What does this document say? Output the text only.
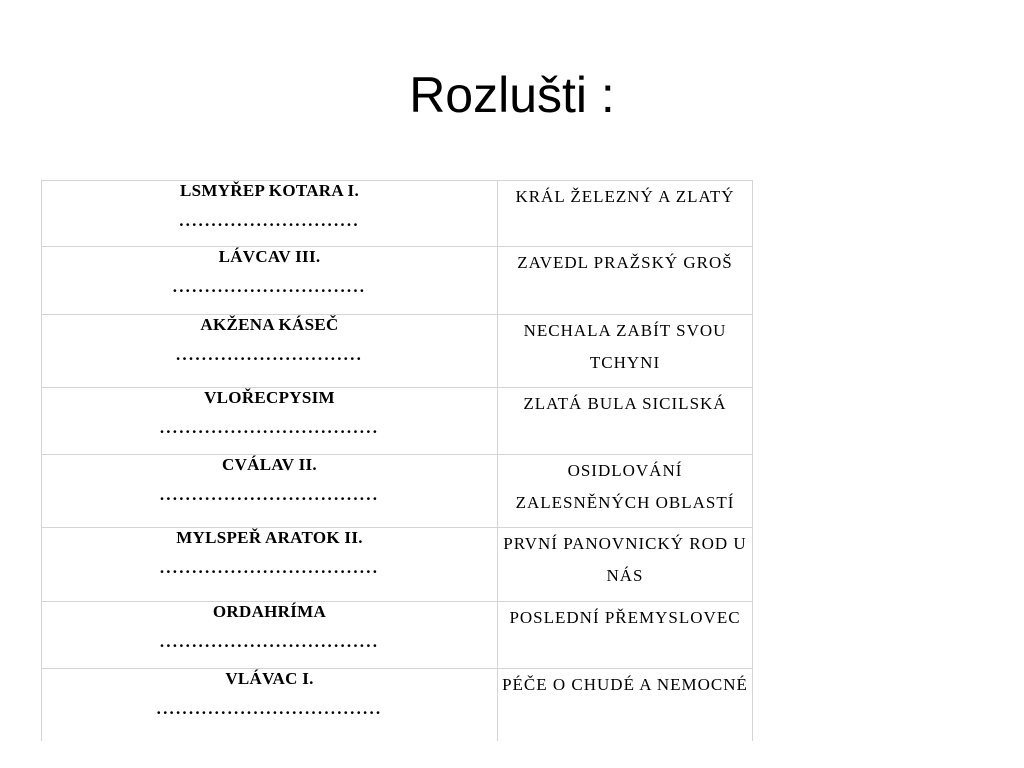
Rozlušti :
LSMYŘEP KOTARA I.
............................	KRÁL ŽELEZNÝ A ZLATÝ

LÁVCAV III.
..............................	ZAVEDL PRAŽSKÝ GROŠ

AKŽENA KÁSEČ
.............................	NECHALA ZABÍT SVOU TCHYNI

VLOŘECPYSIM
..................................	ZLATÁ BULA SICILSKÁ

CVÁLAV II.
..................................	OSIDLOVÁNÍ ZALESNĚNÝCH OBLASTÍ

MYLSPEŘ ARATOK II.
..................................	PRVNÍ PANOVNICKÝ ROD U NÁS

ORDAHRÍMA
..................................	POSLEDNÍ PŘEMYSLOVEC

VLÁVAC I.
...................................	PÉČE O CHUDÉ A NEMOCNÉ
